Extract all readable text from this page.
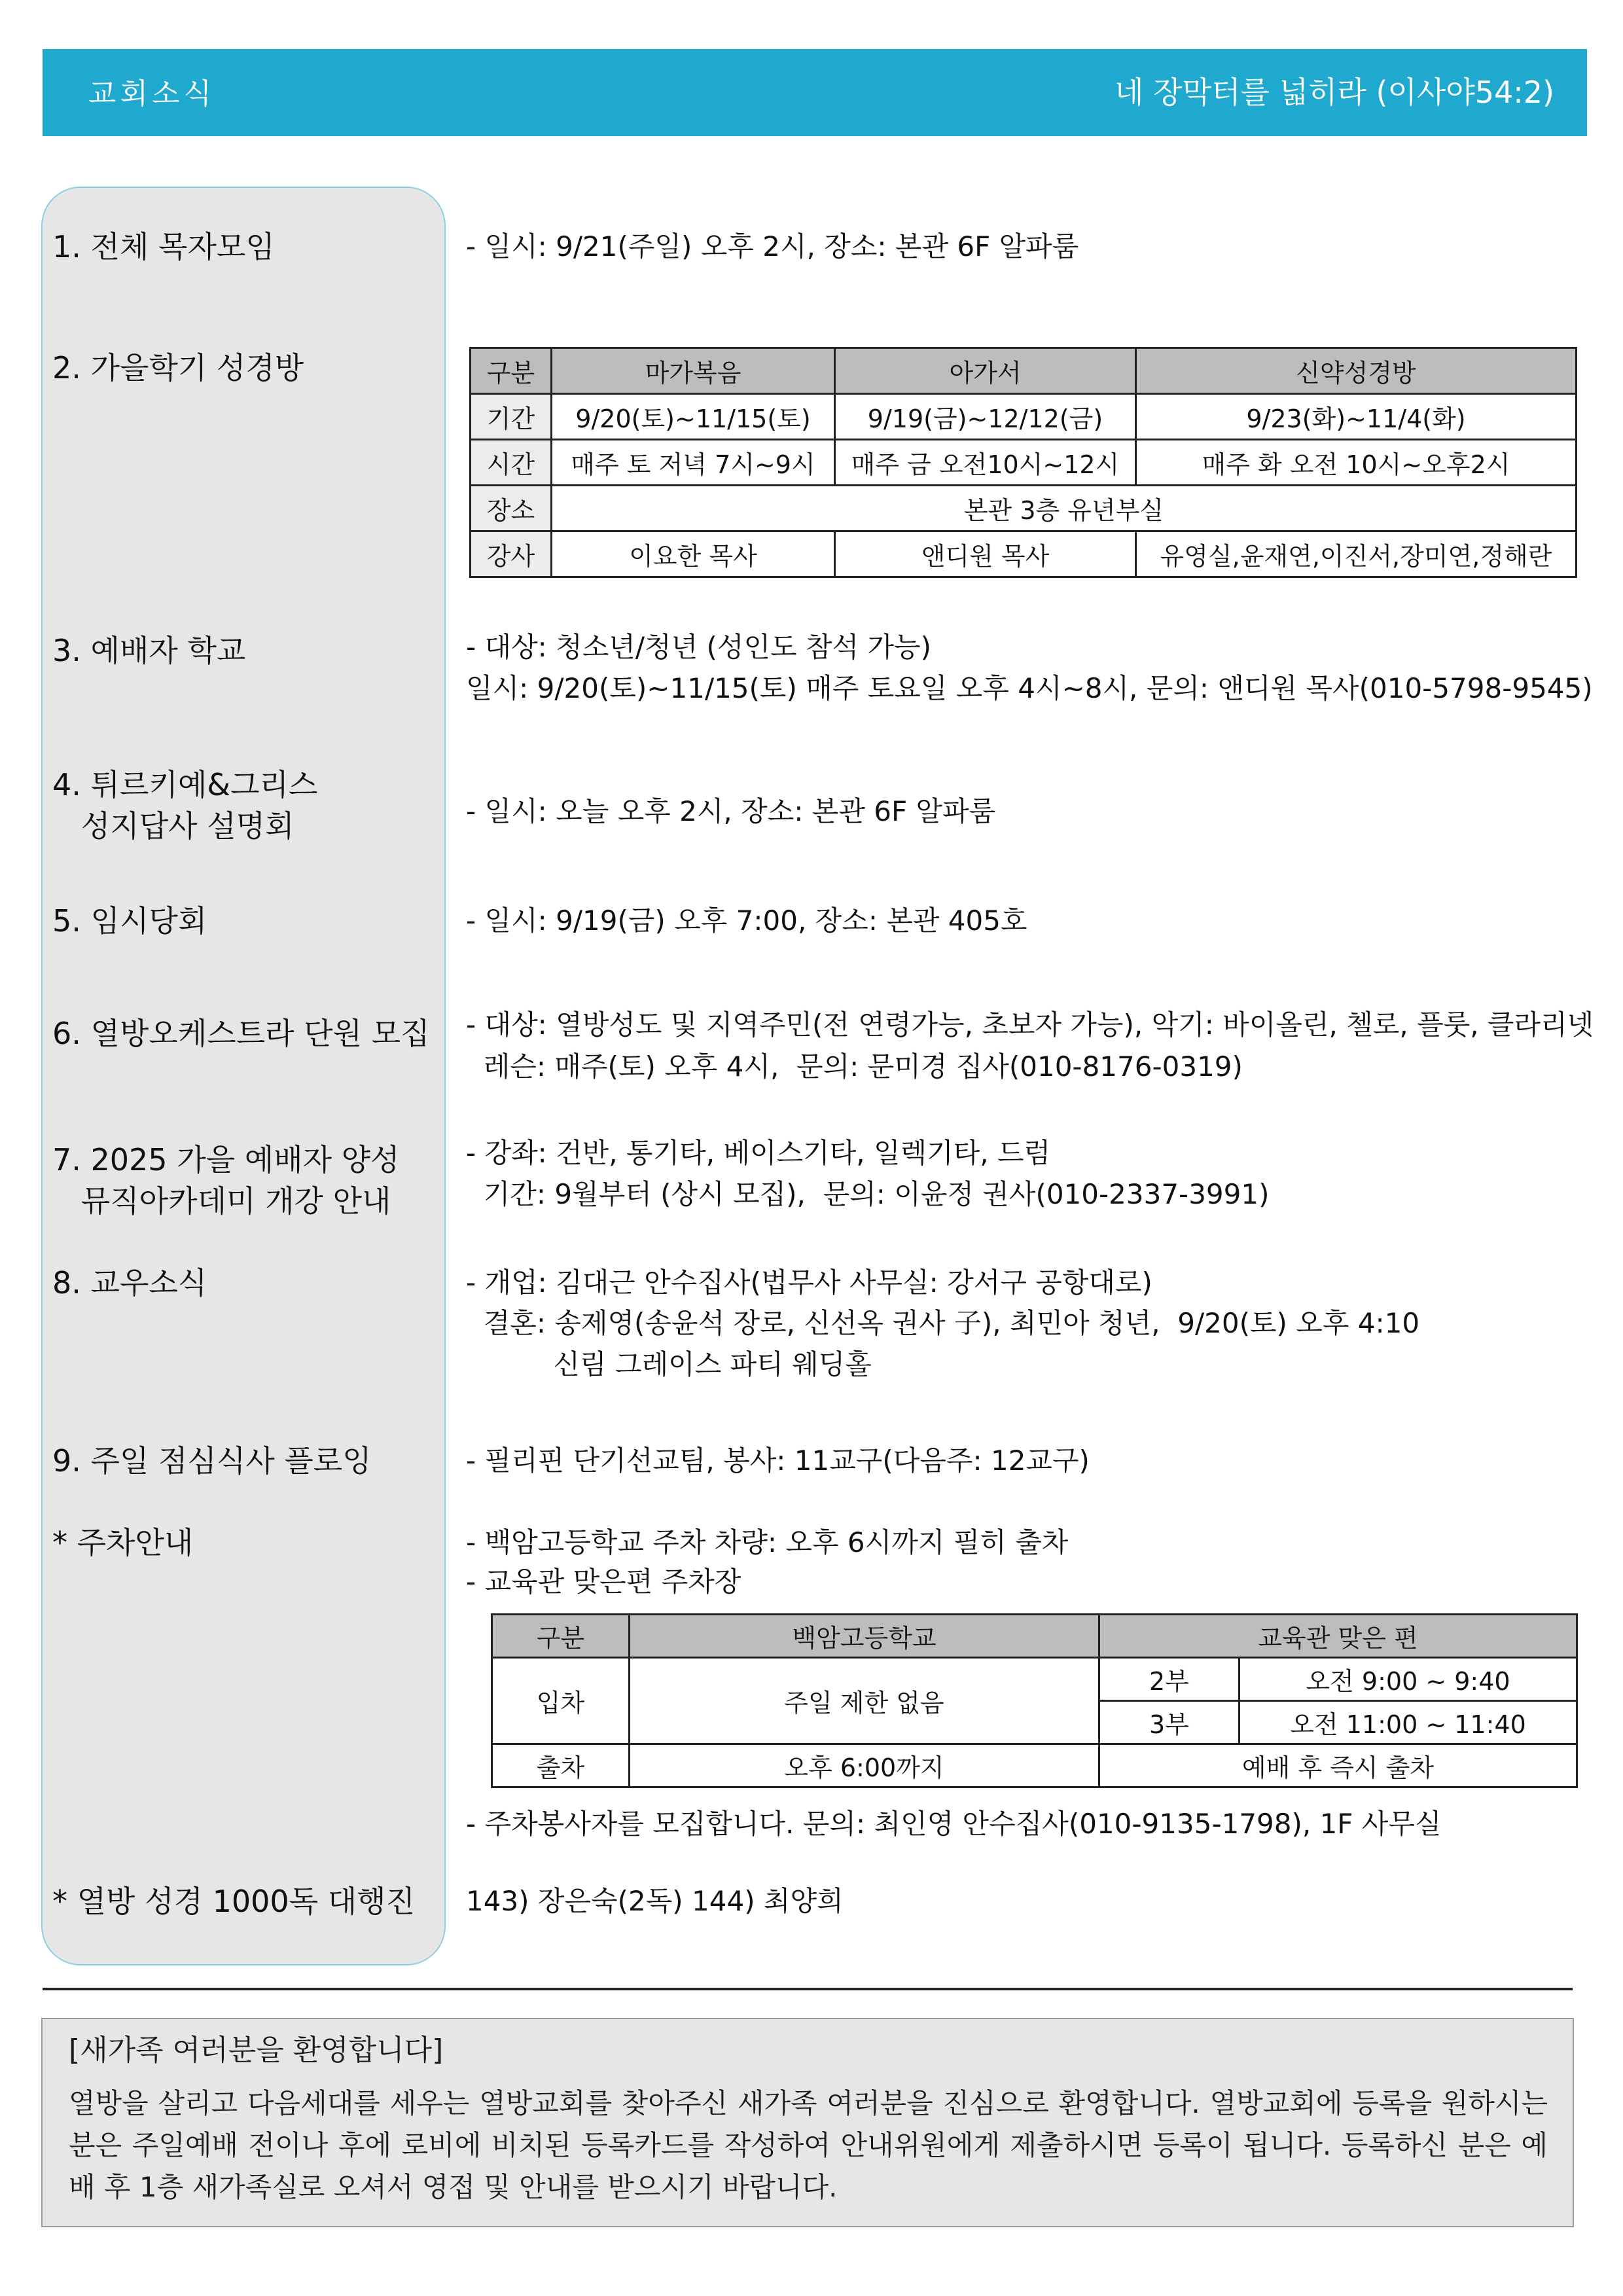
교회소식	네 장막터를 넓히라 (이사야54:2)
1. 전체 목자모임	- 일시: 9/21(주일) 오후 2시, 장소: 본관 6F 알파룸
2. 가을학기 성경방	구분	마가복음	아가서	신약성경방
기간	9/20(토)~11/15(토)	9/19(금)~12/12(금)	9/23(화)~11/4(화)
시간	매주 토 저녁 7시~9시	매주 금 오전10시~12시	매주 화 오전 10시~오후2시
장소	본관 3층 유년부실		
강사	이요한 목사	앤디원 목사	유영실,윤재연,이진서,장미연,정해란
3. 예배자 학교	- 대상: 청소년/청년 (성인도 참석 가능)
일시: 9/20(토)~11/15(토) 매주 토요일 오후 4시~8시, 문의: 앤디원 목사(010-5798-9545)
4. 튀르키예&그리스
성지답사 설명회	- 일시: 오늘 오후 2시, 장소: 본관 6F 알파룸
5. 임시당회	- 일시: 9/19(금) 오후 7:00, 장소: 본관 405호
6. 열방오케스트라 단원 모집 - 대상: 열방성도 및 지역주민(전 연령가능, 초보자 가능), 악기: 바이올린, 첼로, 플룻, 클라리넷
레슨: 매주(토) 오후 4시,  문의: 문미경 집사(010-8176-0319)
7. 2025 가을 예배자 양성
뮤직아카데미 개강 안내
- 강좌: 건반, 통기타, 베이스기타, 일렉기타, 드럼
기간: 9월부터 (상시 모집),  문의: 이윤정 권사(010-2337-3991)
8. 교우소식	- 개업: 김대근 안수집사(법무사 사무실: 강서구 공항대로)
결혼: 송제영(송윤석 장로, 신선옥 권사 子), 최민아 청년,  9/20(토) 오후 4:10
신림 그레이스 파티 웨딩홀
9. 주일 점심식사 플로잉	- 필리핀 단기선교팀, 봉사: 11교구(다음주: 12교구)
* 주차안내	- 백암고등학교 주차 차량: 오후 6시까지 필히 출차
- 교육관 맞은편 주차장
구분	백암고등학교	교육관 맞은 편	
입차	주일 제한 없음	2부	오전 9:00 ~ 9:40
		3부	오전 11:00 ~ 11:40
출차	오후 6:00까지	예배 후 즉시 출차	
- 주차봉사자를 모집합니다. 문의: 최인영 안수집사(010-9135-1798), 1F 사무실
* 열방 성경 1000독 대행진 143) 장은숙(2독) 144) 최양희
[새가족 여러분을 환영합니다]
열방을 살리고 다음세대를 세우는 열방교회를 찾아주신 새가족 여러분을 진심으로 환영합니다. 열방교회에 등록을 원하시는 분은 주일예배 전이나 후에 로비에 비치된 등록카드를 작성하여 안내위원에게 제출하시면 등록이 됩니다. 등록하신 분은 예배 후 1층 새가족실로 오셔서 영접 및 안내를 받으시기 바랍니다.
